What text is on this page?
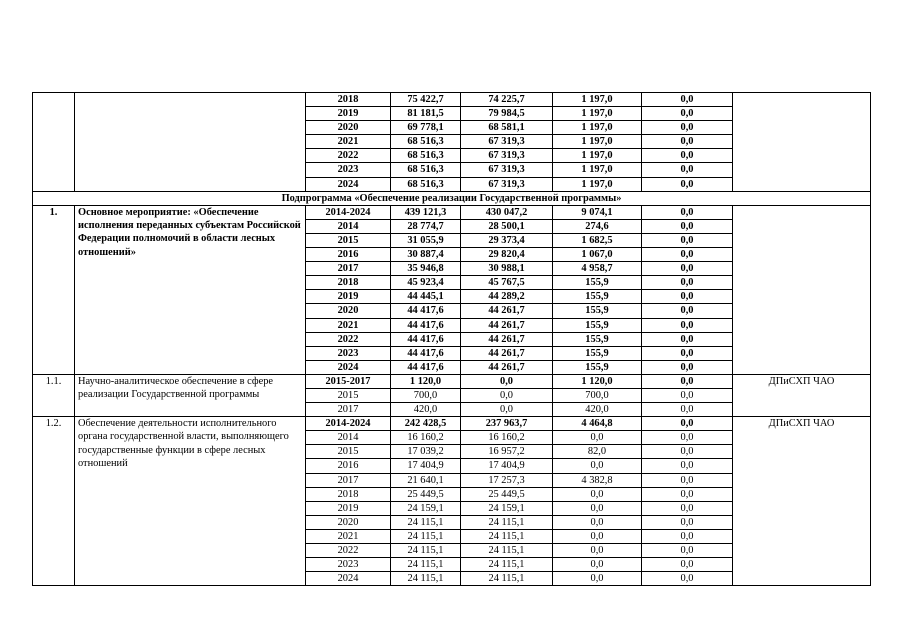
		2018	75 422,7	74 225,7	1 197,0	0,0	
		2019	81 181,5	79 984,5	1 197,0	0,0	
		2020	69 778,1	68 581,1	1 197,0	0,0	
		2021	68 516,3	67 319,3	1 197,0	0,0	
		2022	68 516,3	67 319,3	1 197,0	0,0	
		2023	68 516,3	67 319,3	1 197,0	0,0	
		2024	68 516,3	67 319,3	1 197,0	0,0	
Подпрограмма «Обеспечение реализации Государственной программы»							
1.	Основное мероприятие: «Обеспечение исполнения переданных субъектам Российской Федерации полномочий в области лесных отношений»	2014-2024	439 121,3	430 047,2	9 074,1	0,0	
		2014	28 774,7	28 500,1	274,6	0,0	
		2015	31 055,9	29 373,4	1 682,5	0,0	
		2016	30 887,4	29 820,4	1 067,0	0,0	
		2017	35 946,8	30 988,1	4 958,7	0,0	
		2018	45 923,4	45 767,5	155,9	0,0	
		2019	44 445,1	44 289,2	155,9	0,0	
		2020	44 417,6	44 261,7	155,9	0,0	
		2021	44 417,6	44 261,7	155,9	0,0	
		2022	44 417,6	44 261,7	155,9	0,0	
		2023	44 417,6	44 261,7	155,9	0,0	
		2024	44 417,6	44 261,7	155,9	0,0	
1.1.	Научно-аналитическое обеспечение в сфере реализации Государственной программы	2015-2017	1 120,0	0,0	1 120,0	0,0	ДПиСХП ЧАО
		2015	700,0	0,0	700,0	0,0	
		2017	420,0	0,0	420,0	0,0	
1.2.	Обеспечение деятельности исполнительного органа государственной власти, выполняющего государственные функции в сфере лесных отношений	2014-2024	242 428,5	237 963,7	4 464,8	0,0	ДПиСХП ЧАО
		2014	16 160,2	16 160,2	0,0	0,0	
		2015	17 039,2	16 957,2	82,0	0,0	
		2016	17 404,9	17 404,9	0,0	0,0	
		2017	21 640,1	17 257,3	4 382,8	0,0	
		2018	25 449,5	25 449,5	0,0	0,0	
		2019	24 159,1	24 159,1	0,0	0,0	
		2020	24 115,1	24 115,1	0,0	0,0	
		2021	24 115,1	24 115,1	0,0	0,0	
		2022	24 115,1	24 115,1	0,0	0,0	
		2023	24 115,1	24 115,1	0,0	0,0	
		2024	24 115,1	24 115,1	0,0	0,0	
